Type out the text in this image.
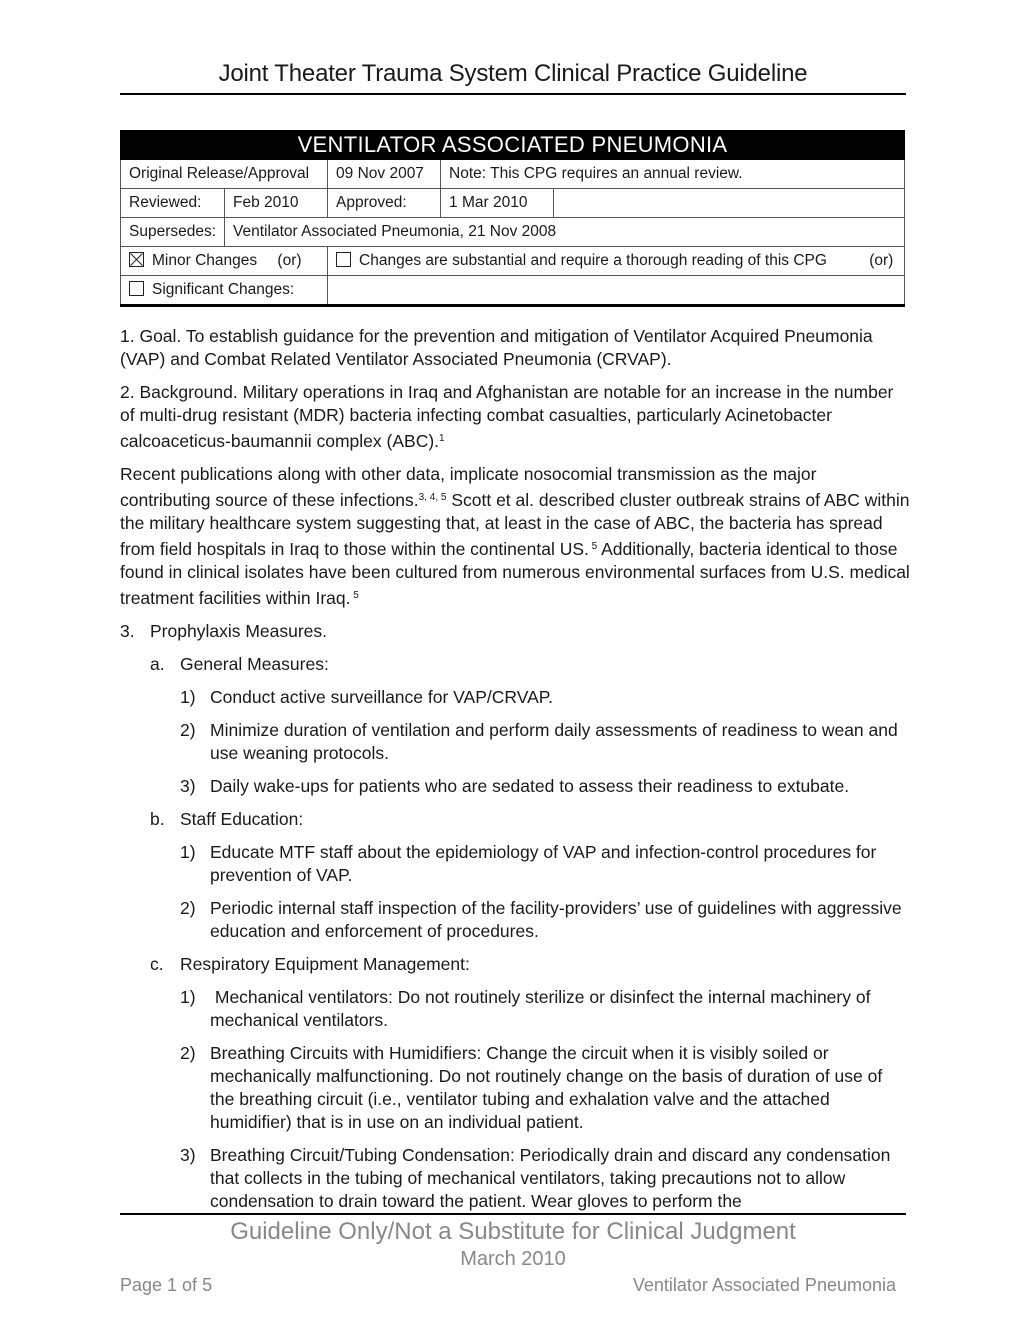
Joint Theater Trauma System Clinical Practice Guideline
VENTILATOR ASSOCIATED PNEUMONIA				
Original Release/Approval		09 Nov 2007	Note: This CPG requires an annual review.	
Reviewed:	Feb 2010	Approved:	1 Mar 2010	
Supersedes:	Ventilator Associated Pneumonia, 21 Nov 2008			
Minor Changes (or)		Changes are substantial and require a thorough reading of this CPG (or)		
Significant Changes:				

1. Goal. To establish guidance for the prevention and mitigation of Ventilator Acquired Pneumonia (VAP) and Combat Related Ventilator Associated Pneumonia (CRVAP).

2. Background. Military operations in Iraq and Afghanistan are notable for an increase in the number of multi-drug resistant (MDR) bacteria infecting combat casualties, particularly Acinetobacter calcoaceticus-baumannii complex (ABC).$^1$

Recent publications along with other data, implicate nosocomial transmission as the major contributing source of these infections.$^{3, 4, 5}$ Scott et al. described cluster outbreak strains of ABC within the military healthcare system suggesting that, at least in the case of ABC, the bacteria has spread from field hospitals in Iraq to those within the continental US. $^5$ Additionally, bacteria identical to those found in clinical isolates have been cultured from numerous environmental surfaces from U.S. medical treatment facilities within Iraq. $^5$

3. Prophylaxis Measures.

a. General Measures:

1) Conduct active surveillance for VAP/CRVAP.

2) Minimize duration of ventilation and perform daily assessments of readiness to wean and use weaning protocols.

3) Daily wake-ups for patients who are sedated to assess their readiness to extubate.

b. Staff Education:

1) Educate MTF staff about the epidemiology of VAP and infection-control procedures for prevention of VAP.

2) Periodic internal staff inspection of the facility-providers’ use of guidelines with aggressive education and enforcement of procedures.

c. Respiratory Equipment Management:

1) Mechanical ventilators: Do not routinely sterilize or disinfect the internal machinery of mechanical ventilators.

2) Breathing Circuits with Humidifiers: Change the circuit when it is visibly soiled or mechanically malfunctioning. Do not routinely change on the basis of duration of use of the breathing circuit (i.e., ventilator tubing and exhalation valve and the attached humidifier) that is in use on an individual patient.

3) Breathing Circuit/Tubing Condensation: Periodically drain and discard any condensation that collects in the tubing of mechanical ventilators, taking precautions not to allow condensation to drain toward the patient. Wear gloves to perform the

Guideline Only/Not a Substitute for Clinical Judgment
March 2010
Page 1 of 5	Ventilator Associated Pneumonia
